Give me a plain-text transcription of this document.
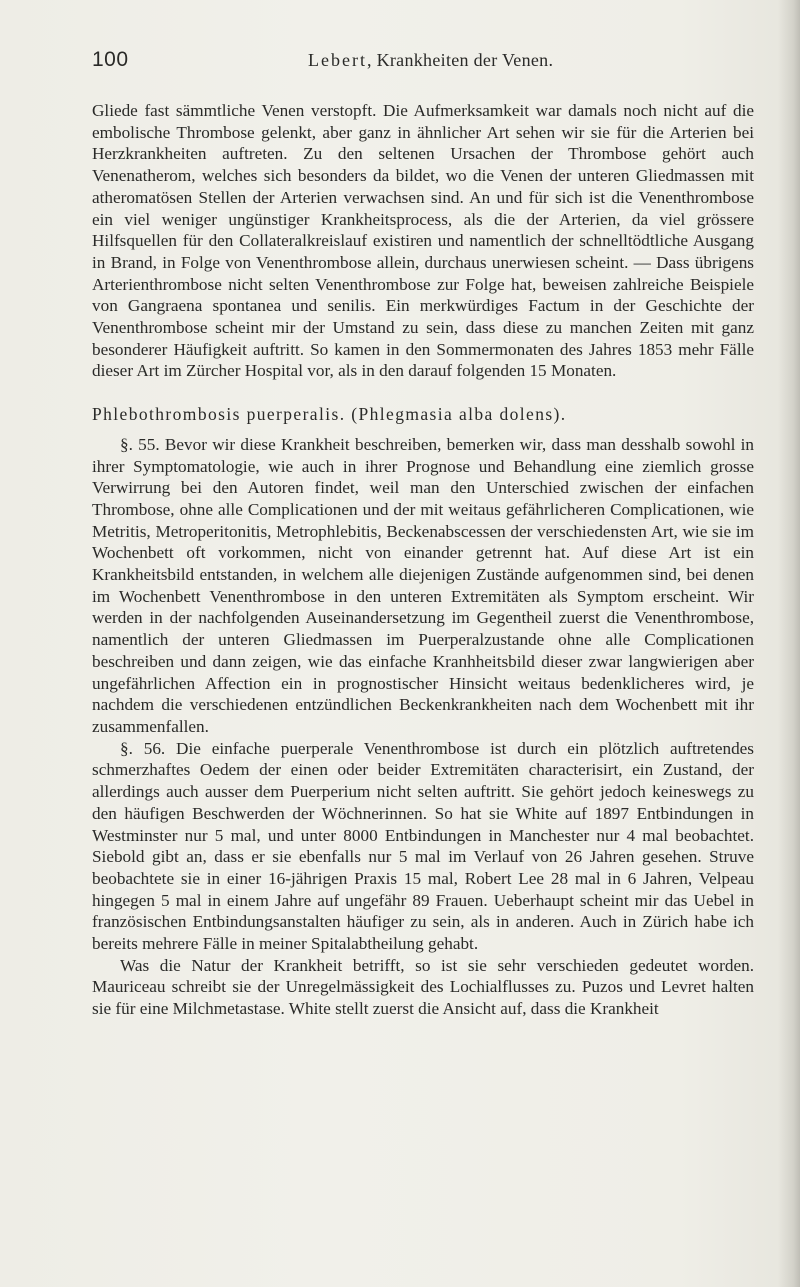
100	Lebert, Krankheiten der Venen.

Gliede fast sämmtliche Venen verstopft. Die Aufmerksamkeit war damals noch nicht auf die embolische Thrombose gelenkt, aber ganz in ähnlicher Art sehen wir sie für die Arterien bei Herzkrankheiten auftreten. Zu den seltenen Ursachen der Thrombose gehört auch Venenatherom, welches sich besonders da bildet, wo die Venen der unteren Gliedmassen mit atheromatösen Stellen der Arterien verwachsen sind. An und für sich ist die Venenthrombose ein viel weniger ungünstiger Krankheitsprocess, als die der Arterien, da viel grössere Hilfsquellen für den Collateralkreislauf existiren und namentlich der schnelltödtliche Ausgang in Brand, in Folge von Venenthrombose allein, durchaus unerwiesen scheint. — Dass übrigens Arterienthrombose nicht selten Venenthrombose zur Folge hat, beweisen zahlreiche Beispiele von Gangraena spontanea und senilis. Ein merkwürdiges Factum in der Geschichte der Venenthrombose scheint mir der Umstand zu sein, dass diese zu manchen Zeiten mit ganz besonderer Häufigkeit auftritt. So kamen in den Sommermonaten des Jahres 1853 mehr Fälle dieser Art im Zürcher Hospital vor, als in den darauf folgenden 15 Monaten.

Phlebothrombosis puerperalis. (Phlegmasia alba dolens).

§. 55. Bevor wir diese Krankheit beschreiben, bemerken wir, dass man desshalb sowohl in ihrer Symptomatologie, wie auch in ihrer Prognose und Behandlung eine ziemlich grosse Verwirrung bei den Autoren findet, weil man den Unterschied zwischen der einfachen Thrombose, ohne alle Complicationen und der mit weitaus gefährlicheren Complicationen, wie Metritis, Metroperitonitis, Metrophlebitis, Beckenabscessen der verschiedensten Art, wie sie im Wochenbett oft vorkommen, nicht von einander getrennt hat. Auf diese Art ist ein Krankheitsbild entstanden, in welchem alle diejenigen Zustände aufgenommen sind, bei denen im Wochenbett Venenthrombose in den unteren Extremitäten als Symptom erscheint. Wir werden in der nachfolgenden Auseinandersetzung im Gegentheil zuerst die Venenthrombose, namentlich der unteren Gliedmassen im Puerperalzustande ohne alle Complicationen beschreiben und dann zeigen, wie das einfache Kranhheitsbild dieser zwar langwierigen aber ungefährlichen Affection ein in prognostischer Hinsicht weitaus bedenklicheres wird, je nachdem die verschiedenen entzündlichen Beckenkrankheiten nach dem Wochenbett mit ihr zusammenfallen.

§. 56. Die einfache puerperale Venenthrombose ist durch ein plötzlich auftretendes schmerzhaftes Oedem der einen oder beider Extremitäten characterisirt, ein Zustand, der allerdings auch ausser dem Puerperium nicht selten auftritt. Sie gehört jedoch keineswegs zu den häufigen Beschwerden der Wöchnerinnen. So hat sie White auf 1897 Entbindungen in Westminster nur 5 mal, und unter 8000 Entbindungen in Manchester nur 4 mal beobachtet. Siebold gibt an, dass er sie ebenfalls nur 5 mal im Verlauf von 26 Jahren gesehen. Struve beobachtete sie in einer 16-jährigen Praxis 15 mal, Robert Lee 28 mal in 6 Jahren, Velpeau hingegen 5 mal in einem Jahre auf ungefähr 89 Frauen. Ueberhaupt scheint mir das Uebel in französischen Entbindungsanstalten häufiger zu sein, als in anderen. Auch in Zürich habe ich bereits mehrere Fälle in meiner Spitalabtheilung gehabt.

Was die Natur der Krankheit betrifft, so ist sie sehr verschieden gedeutet worden. Mauriceau schreibt sie der Unregelmässigkeit des Lochialflusses zu. Puzos und Levret halten sie für eine Milchmetastase. White stellt zuerst die Ansicht auf, dass die Krankheit
